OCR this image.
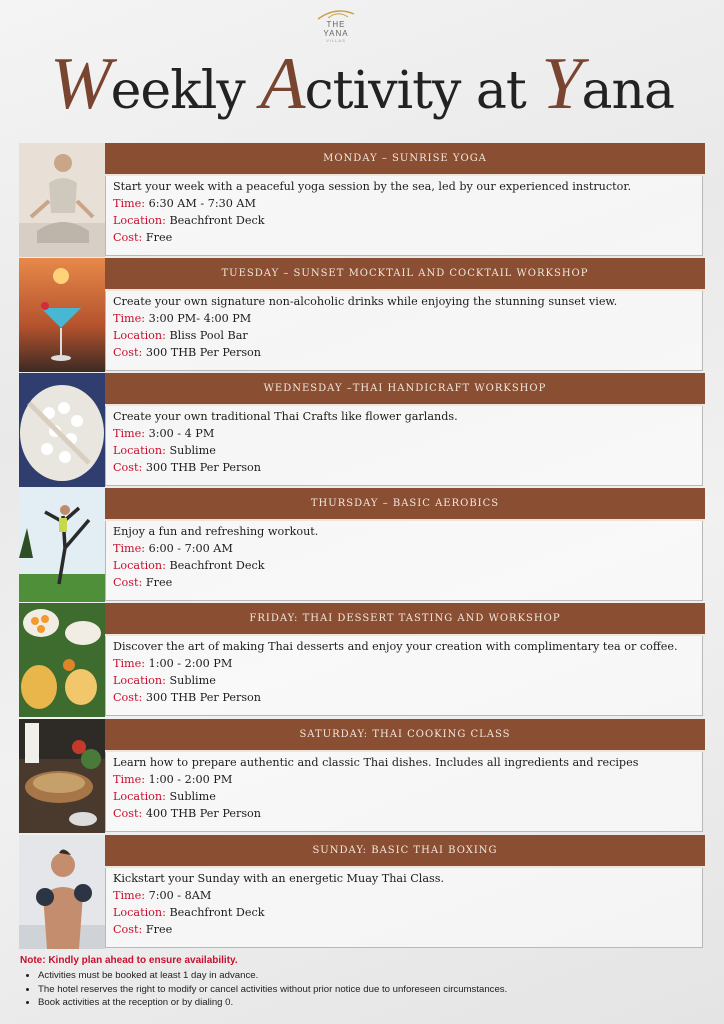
THE
YANA
VILLAS
Weekly Activity at Yana
MONDAY – SUNRISE YOGA
Start your week with a peaceful yoga session by the sea, led by our experienced instructor.
Time: 6:30 AM - 7:30 AM
Location: Beachfront Deck
Cost: Free
TUESDAY – SUNSET MOCKTAIL AND COCKTAIL WORKSHOP
Create your own signature non-alcoholic drinks while enjoying the stunning sunset view.
Time: 3:00 PM- 4:00 PM
Location: Bliss Pool Bar
Cost: 300 THB Per Person
WEDNESDAY –THAI HANDICRAFT WORKSHOP
Create your own traditional Thai Crafts like flower garlands.
Time: 3:00 - 4 PM
Location: Sublime
Cost: 300 THB Per Person
THURSDAY – BASIC AEROBICS
Enjoy a fun and refreshing workout.
Time: 6:00 - 7:00 AM
Location: Beachfront Deck
Cost: Free
FRIDAY: THAI DESSERT TASTING AND WORKSHOP
Discover the art of making Thai desserts and enjoy your creation with complimentary tea or coffee.
Time: 1:00 - 2:00 PM
Location: Sublime
Cost: 300 THB Per Person
SATURDAY: THAI COOKING CLASS
Learn how to prepare authentic and classic Thai dishes. Includes all ingredients and recipes
Time: 1:00 - 2:00 PM
Location: Sublime
Cost: 400 THB Per Person
SUNDAY: BASIC THAI BOXING
Kickstart your Sunday with an energetic Muay Thai Class.
Time: 7:00 - 8AM
Location: Beachfront Deck
Cost: Free
Note: Kindly plan ahead to ensure availability.
• Activities must be booked at least 1 day in advance.
• The hotel reserves the right to modify or cancel activities without prior notice due to unforeseen circumstances.
• Book activities at the reception or by dialing 0.
